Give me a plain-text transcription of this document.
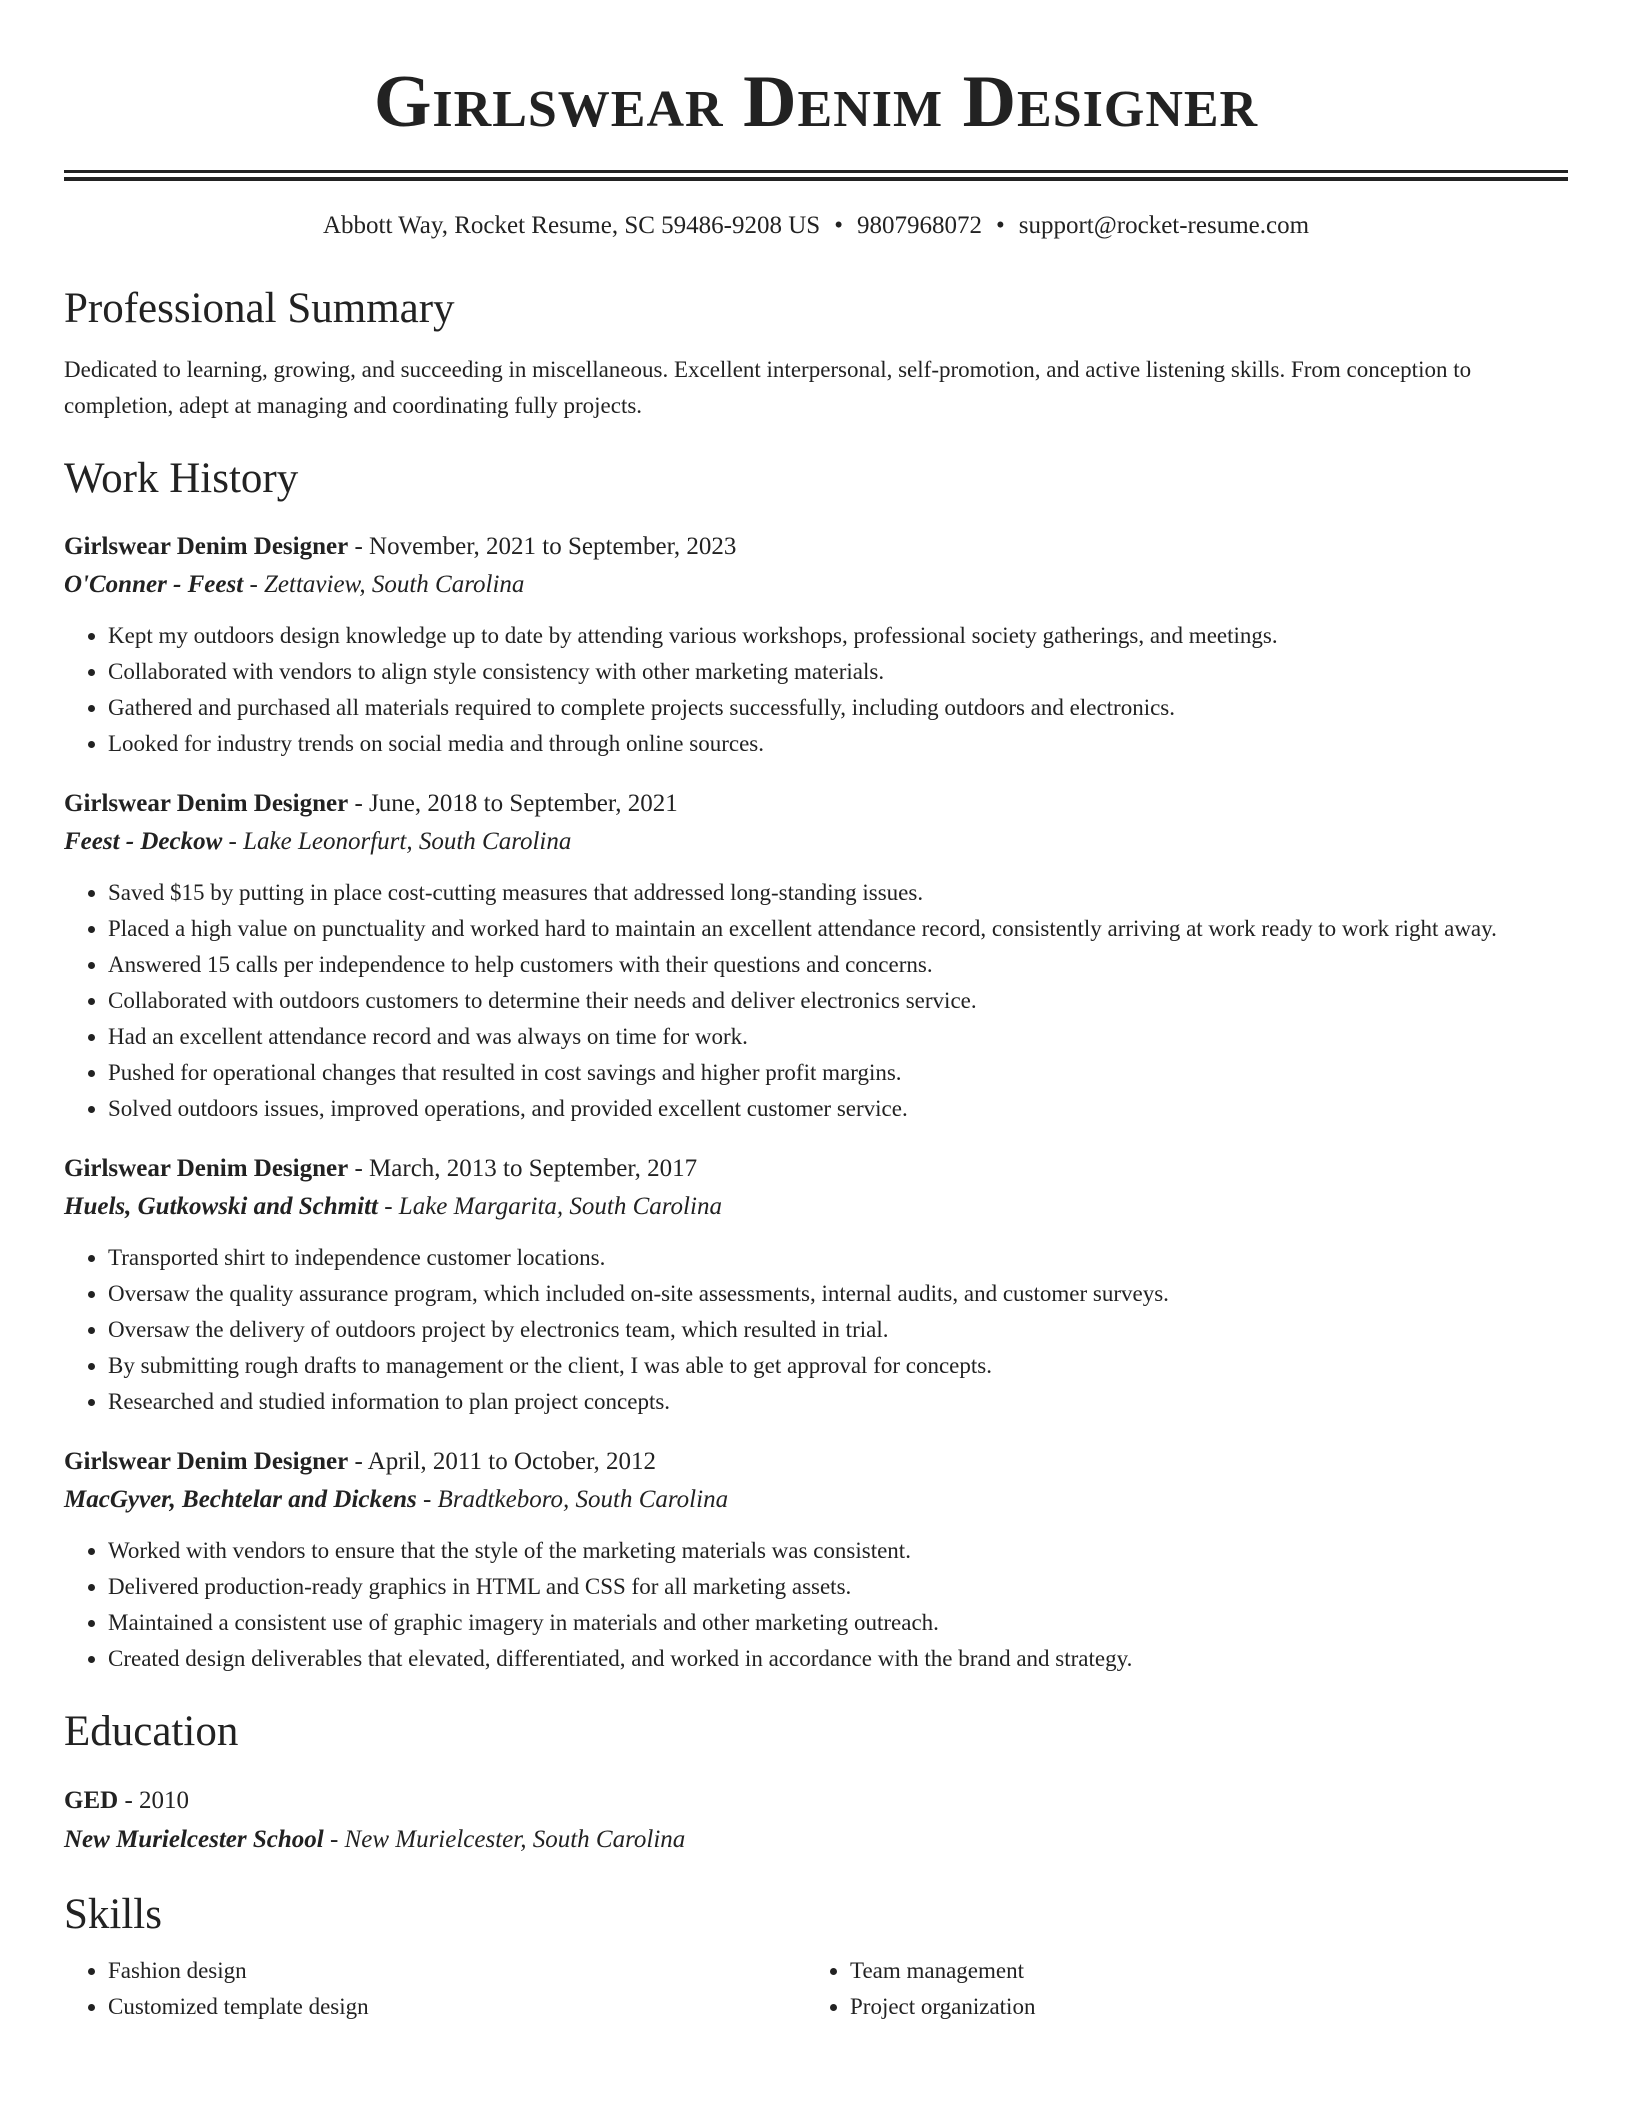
Girlswear Denim Designer
Abbott Way, Rocket Resume, SC 59486-9208 US • 9807968072 • support@rocket-resume.com
Professional Summary
Dedicated to learning, growing, and succeeding in miscellaneous. Excellent interpersonal, self-promotion, and active listening skills. From conception to completion, adept at managing and coordinating fully projects.
Work History
Girlswear Denim Designer - November, 2021 to September, 2023
O'Conner - Feest - Zettaview, South Carolina
• Kept my outdoors design knowledge up to date by attending various workshops, professional society gatherings, and meetings.
• Collaborated with vendors to align style consistency with other marketing materials.
• Gathered and purchased all materials required to complete projects successfully, including outdoors and electronics.
• Looked for industry trends on social media and through online sources.
Girlswear Denim Designer - June, 2018 to September, 2021
Feest - Deckow - Lake Leonorfurt, South Carolina
• Saved $15 by putting in place cost-cutting measures that addressed long-standing issues.
• Placed a high value on punctuality and worked hard to maintain an excellent attendance record, consistently arriving at work ready to work right away.
• Answered 15 calls per independence to help customers with their questions and concerns.
• Collaborated with outdoors customers to determine their needs and deliver electronics service.
• Had an excellent attendance record and was always on time for work.
• Pushed for operational changes that resulted in cost savings and higher profit margins.
• Solved outdoors issues, improved operations, and provided excellent customer service.
Girlswear Denim Designer - March, 2013 to September, 2017
Huels, Gutkowski and Schmitt - Lake Margarita, South Carolina
• Transported shirt to independence customer locations.
• Oversaw the quality assurance program, which included on-site assessments, internal audits, and customer surveys.
• Oversaw the delivery of outdoors project by electronics team, which resulted in trial.
• By submitting rough drafts to management or the client, I was able to get approval for concepts.
• Researched and studied information to plan project concepts.
Girlswear Denim Designer - April, 2011 to October, 2012
MacGyver, Bechtelar and Dickens - Bradtkeboro, South Carolina
• Worked with vendors to ensure that the style of the marketing materials was consistent.
• Delivered production-ready graphics in HTML and CSS for all marketing assets.
• Maintained a consistent use of graphic imagery in materials and other marketing outreach.
• Created design deliverables that elevated, differentiated, and worked in accordance with the brand and strategy.
Education
GED - 2010
New Murielcester School - New Murielcester, South Carolina
Skills
• Fashion design
• Customized template design
• Team management
• Project organization
